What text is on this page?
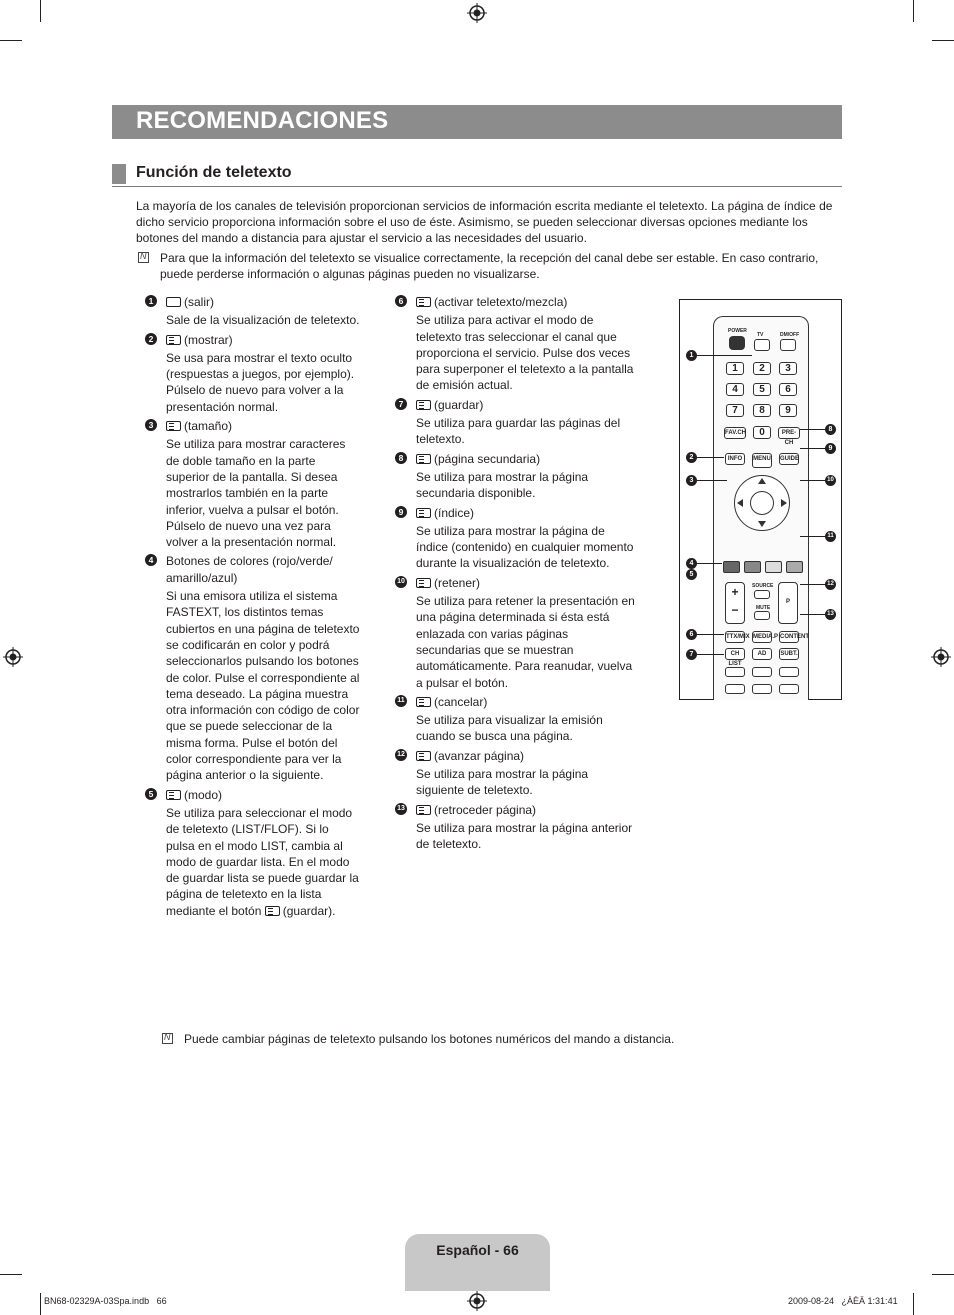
RECOMENDACIONES
Función de teletexto
La mayoría de los canales de televisión proporcionan servicios de información escrita mediante el teletexto. La página de índice de dicho servicio proporciona información sobre el uso de éste. Asimismo, se pueden seleccionar diversas opciones mediante los botones del mando a distancia para ajustar el servicio a las necesidades del usuario.
N
Para que la información del teletexto se visualice correctamente, la recepción del canal debe ser estable. En caso contrario, puede perderse información o algunas páginas pueden no visualizarse.
1	(salir)
Sale de la visualización de teletexto.
2	(mostrar)
Se usa para mostrar el texto oculto (respuestas a juegos, por ejemplo). Púlselo de nuevo para volver a la presentación normal.
3	(tamaño)
Se utiliza para mostrar caracteres de doble tamaño en la parte superior de la pantalla. Si desea mostrarlos también en la parte inferior, vuelva a pulsar el botón. Púlselo de nuevo una vez para volver a la presentación normal.
4	Botones de colores (rojo/verde/ amarillo/azul)
Si una emisora utiliza el sistema FASTEXT, los distintos temas cubiertos en una página de teletexto se codificarán en color y podrá seleccionarlos pulsando los botones de color. Pulse el correspondiente al tema deseado. La página muestra otra información con código de color que se puede seleccionar de la misma forma. Pulse el botón del color correspondiente para ver la página anterior o la siguiente.
5	(modo)
Se utiliza para seleccionar el modo de teletexto (LIST/FLOF). Si lo pulsa en el modo LIST, cambia al modo de guardar lista. En el modo de guardar lista se puede guardar la página de teletexto en la lista mediante el botón (guardar).
6	(activar teletexto/mezcla)
Se utiliza para activar el modo de teletexto tras seleccionar el canal que proporciona el servicio. Pulse dos veces para superponer el teletexto a la pantalla de emisión actual.
7	(guardar)
Se utiliza para guardar las páginas del teletexto.
8	(página secundaria)
Se utiliza para mostrar la página secundaria disponible.
9	(índice)
Se utiliza para mostrar la página de índice (contenido) en cualquier momento durante la visualización de teletexto.
10	(retener)
Se utiliza para retener la presentación en una página determinada si ésta está enlazada con varias páginas secundarias que se muestran automáticamente. Para reanudar, vuelva a pulsar el botón.
11	(cancelar)
Se utiliza para visualizar la emisión cuando se busca una página.
12	(avanzar página)
Se utiliza para mostrar la página siguiente de teletexto.
13	(retroceder página)
Se utiliza para mostrar la página anterior de teletexto.
POWER
TV	DM/OFF
1	2	3
4	5	6
7	8	9
FAV.CH	0	PRE-CH
INFO	MENU GUIDE
+
−
SOURCE
MUTE
P
TTX/MIX MEDIA.P CONTENT
CH LIST
AD	SUBT.
1
2
3
4
5
6
7
8
9
10
11
12
13
N
Puede cambiar páginas de teletexto pulsando los botones numéricos del mando a distancia.
Español - 66
BN68-02329A-03Spa.indb   66	2009-08-24   ¿ÀÈÄ 1:31:41
